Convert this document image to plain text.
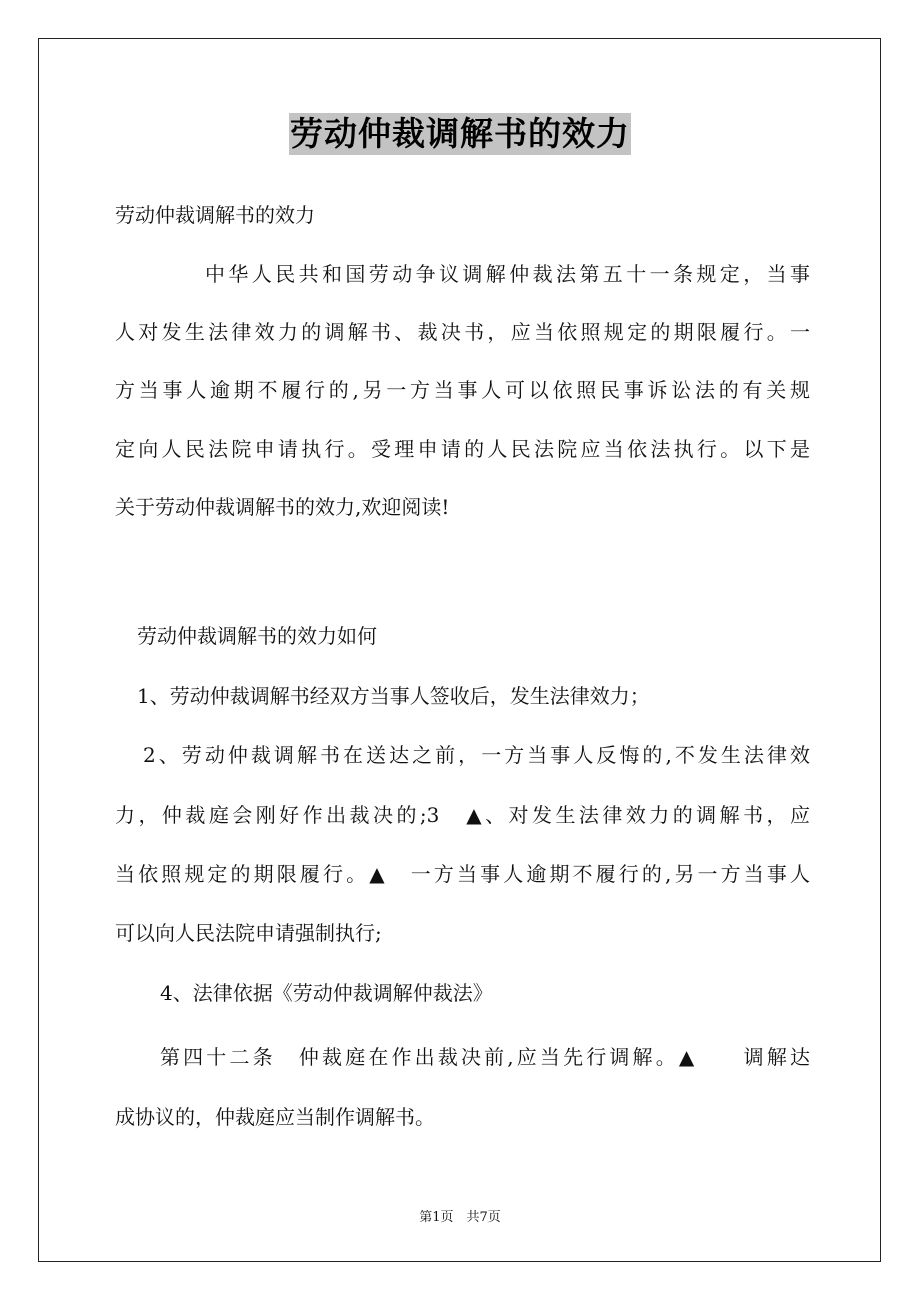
劳动仲裁调解书的效力
劳动仲裁调解书的效力
中华人民共和国劳动争议调解仲裁法第五十一条规定，当事
人对发生法律效力的调解书、裁决书，应当依照规定的期限履行。一
方当事人逾期不履行的,另一方当事人可以依照民事诉讼法的有关规
定向人民法院申请执行。受理申请的人民法院应当依法执行。以下是
关于劳动仲裁调解书的效力,欢迎阅读!
劳动仲裁调解书的效力如何
1、劳动仲裁调解书经双方当事人签收后，发生法律效力；
2、劳动仲裁调解书在送达之前，一方当事人反悔的,不发生法律效
力，仲裁庭会刚好作出裁决的;3　▲、对发生法律效力的调解书，应
当依照规定的期限履行。▲　一方当事人逾期不履行的,另一方当事人
可以向人民法院申请强制执行;
4、法律依据《劳动仲裁调解仲裁法》
第四十二条　仲裁庭在作出裁决前,应当先行调解。▲　　调解达
成协议的，仲裁庭应当制作调解书。
第1页　共7页
